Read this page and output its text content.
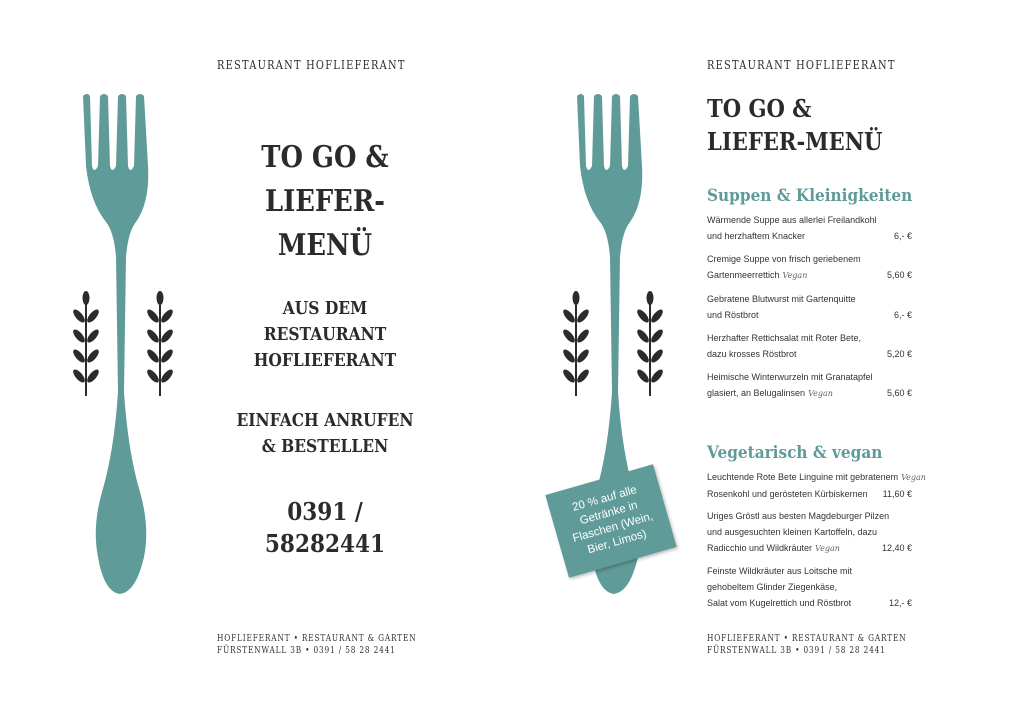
RESTAURANT HOFLIEFERANT
TO GO &
LIEFER-
MENÜ
AUS DEM
RESTAURANT
HOFLIEFERANT
EINFACH ANRUFEN
& BESTELLEN
0391 /
58282441
HOFLIEFERANT • RESTAURANT & GARTEN
FÜRSTENWALL 3B • 0391 / 58 28 2441
RESTAURANT HOFLIEFERANT
20 % auf alle Getränke in Flaschen (Wein, Bier, Limos)
TO GO &
LIEFER-MENÜ
Suppen & Kleinigkeiten
Wärmende Suppe aus allerlei Freilandkohl
und herzhaftem Knacker	6,- €
Cremige Suppe von frisch geriebenem
Gartenmeerrettich Vegan	5,60 €
Gebratene Blutwurst mit Gartenquitte
und Röstbrot	6,- €
Herzhafter Rettichsalat mit Roter Bete,
dazu krosses Röstbrot	5,20 €
Heimische Winterwurzeln mit Granatapfel
glasiert, an Belugalinsen Vegan	5,60 €
Vegetarisch & vegan
Leuchtende Rote Bete Linguine mit gebratenem Vegan
Rosenkohl und gerösteten Kürbiskernen 11,60 €
Uriges Gröstl aus besten Magdeburger Pilzen
und ausgesuchten kleinen Kartoffeln, dazu
Radicchio und Wildkräuter Vegan	12,40 €
Feinste Wildkräuter aus Loitsche mit
gehobeltem Glinder Ziegenkäse,
Salat vom Kugelrettich und Röstbrot	12,- €
HOFLIEFERANT • RESTAURANT & GARTEN
FÜRSTENWALL 3B • 0391 / 58 28 2441
